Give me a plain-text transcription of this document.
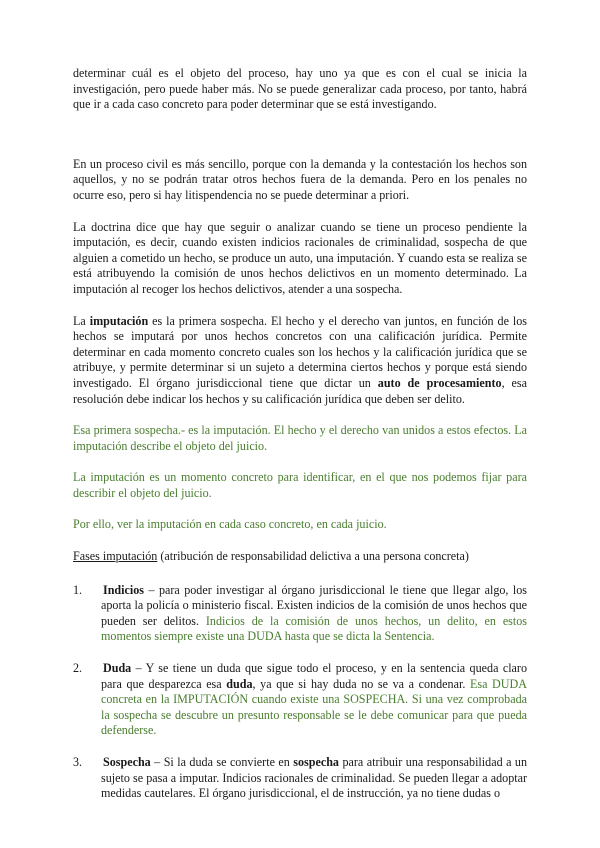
determinar cuál es el objeto del proceso, hay uno ya que es con el cual se inicia la investigación, pero puede haber más. No se puede generalizar cada proceso, por tanto, habrá que ir a cada caso concreto para poder determinar que se está investigando.

En un proceso civil es más sencillo, porque con la demanda y la contestación los hechos son aquellos, y no se podrán tratar otros hechos fuera de la demanda. Pero en los penales no ocurre eso, pero si hay litispendencia no se puede determinar a priori.

La doctrina dice que hay que seguir o analizar cuando se tiene un proceso pendiente la imputación, es decir, cuando existen indicios racionales de criminalidad, sospecha de que alguien a cometido un hecho, se produce un auto, una imputación. Y cuando esta se realiza se está atribuyendo la comisión de unos hechos delictivos en un momento determinado. La imputación al recoger los hechos delictivos, atender a una sospecha.

La imputación es la primera sospecha. El hecho y el derecho van juntos, en función de los hechos se imputará por unos hechos concretos con una calificación jurídica. Permite determinar en cada momento concreto cuales son los hechos y la calificación jurídica que se atribuye, y permite determinar si un sujeto a determina ciertos hechos y porque está siendo investigado. El órgano jurisdiccional tiene que dictar un auto de procesamiento, esa resolución debe indicar los hechos y su calificación jurídica que deben ser delito.

Esa primera sospecha.- es la imputación. El hecho y el derecho van unidos a estos efectos. La imputación describe el objeto del juicio.

La imputación es un momento concreto para identificar, en el que nos podemos fijar para describir el objeto del juicio.

Por ello, ver la imputación en cada caso concreto, en cada juicio.

Fases imputación (atribución de responsabilidad delictiva a una persona concreta)

1.	Indicios – para poder investigar al órgano jurisdiccional le tiene que llegar algo, los aporta la policía o ministerio fiscal. Existen indicios de la comisión de unos hechos que pueden ser delitos. Indicios de la comisión de unos hechos, un delito, en estos momentos siempre existe una DUDA hasta que se dicta la Sentencia.
2.	Duda – Y se tiene un duda que sigue todo el proceso, y en la sentencia queda claro para que desparezca esa duda, ya que si hay duda no se va a condenar. Esa DUDA concreta en la IMPUTACIÓN cuando existe una SOSPECHA. Si una vez comprobada la sospecha se descubre un presunto responsable se le debe comunicar para que pueda defenderse.
3.	Sospecha – Si la duda se convierte en sospecha para atribuir una responsabilidad a un sujeto se pasa a imputar. Indicios racionales de criminalidad. Se pueden llegar a adoptar medidas cautelares. El órgano jurisdiccional, el de instrucción, ya no tiene dudas o
